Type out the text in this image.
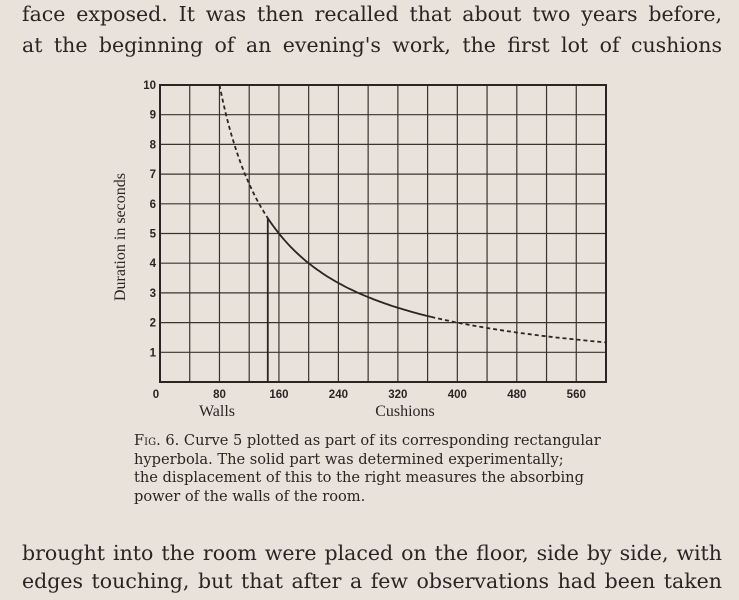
face exposed. It was then recalled that about two years before,
at the beginning of an evening's work, the first lot of cushions
0	80	160	240	320	400	480	560
1
2
3
4
5
6
7
8
9
10
Walls	Cushions
Duration in seconds

Fig. 6. Curve 5 plotted as part of its corresponding rectangular

hyperbola. The solid part was determined experimentally;

the displacement of this to the right measures the absorbing

power of the walls of the room.

brought into the room were placed on the floor, side by side, with
edges touching, but that after a few observations had been taken
